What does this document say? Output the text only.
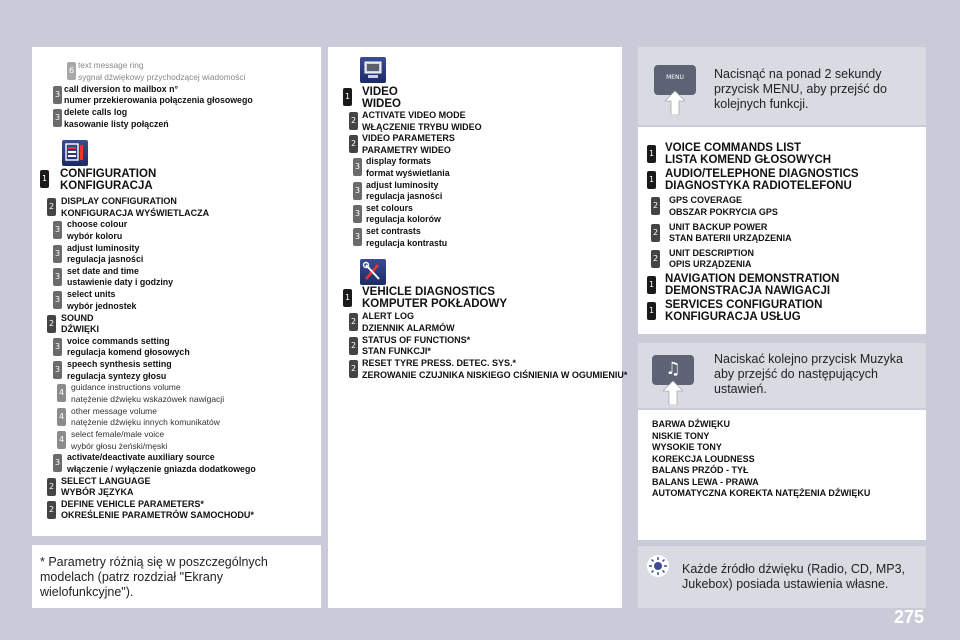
6
text message ring
sygnał dźwiękowy przychodzącej wiadomości
3
call diversion to mailbox n°
numer przekierowania połączenia głosowego
3
delete calls log
kasowanie listy połączeń
1 CONFIGURATION
KONFIGURACJA
2
DISPLAY CONFIGURATION
KONFIGURACJA WYŚWIETLACZA
3
choose colour
wybór koloru
3
adjust luminosity
regulacja jasności
3
set date and time
ustawienie daty i godziny
3
select units
wybór jednostek
2
SOUND
DŹWIĘKI
3
voice commands setting
regulacja komend głosowych
3
speech synthesis setting
regulacja syntezy głosu
4
guidance instructions volume
natężenie dźwięku wskazówek nawigacji
4
other message volume
natężenie dźwięku innych komunikatów
4
select female/male voice
wybór głosu żeński/męski
3
activate/deactivate auxiliary source
włączenie / wyłączenie gniazda dodatkowego
2
SELECT LANGUAGE
WYBÓR JĘZYKA
2
DEFINE VEHICLE PARAMETERS*
OKREŚLENIE PARAMETRÓW SAMOCHODU*
* Parametry różnią się w poszczególnych modelach (patrz rozdział "Ekrany wielofunkcyjne").
1 VIDEO
WIDEO
2
ACTIVATE VIDEO MODE
WŁĄCZENIE TRYBU WIDEO
2
VIDEO PARAMETERS
PARAMETRY WIDEO
3
display formats
format wyświetlania
3
adjust luminosity
regulacja jasności
3
set colours
regulacja kolorów
3
set contrasts
regulacja kontrastu
1 VEHICLE DIAGNOSTICS
KOMPUTER POKŁADOWY
2
ALERT LOG
DZIENNIK ALARMÓW
2
STATUS OF FUNCTIONS*
STAN FUNKCJI*
2
RESET TYRE PRESS. DETEC. SYS.*
ZEROWANIE CZUJNIKA NISKIEGO CIŚNIENIA W OGUMIENIU*
MENU	Nacisnąć na ponad 2 sekundy przycisk MENU, aby przejść do kolejnych funkcji.
1 VOICE COMMANDS LIST
LISTA KOMEND GŁOSOWYCH
1 AUDIO/TELEPHONE DIAGNOSTICS
DIAGNOSTYKA RADIOTELEFONU
2
GPS COVERAGE
OBSZAR POKRYCIA GPS
2
UNIT BACKUP POWER
STAN BATERII URZĄDZENIA
2
UNIT DESCRIPTION
OPIS URZĄDZENIA
1 NAVIGATION DEMONSTRATION
DEMONSTRACJA NAWIGACJI
1 SERVICES CONFIGURATION
KONFIGURACJA USŁUG
♫	Naciskać kolejno przycisk Muzyka aby przejść do następujących ustawień.
BARWA DŹWIĘKU
NISKIE TONY
WYSOKIE TONY
KOREKCJA LOUDNESS
BALANS PRZÓD - TYŁ
BALANS LEWA - PRAWA
AUTOMATYCZNA KOREKTA NATĘŻENIA DŹWIĘKU
Każde źródło dźwięku (Radio, CD, MP3, Jukebox) posiada ustawienia własne.
275
